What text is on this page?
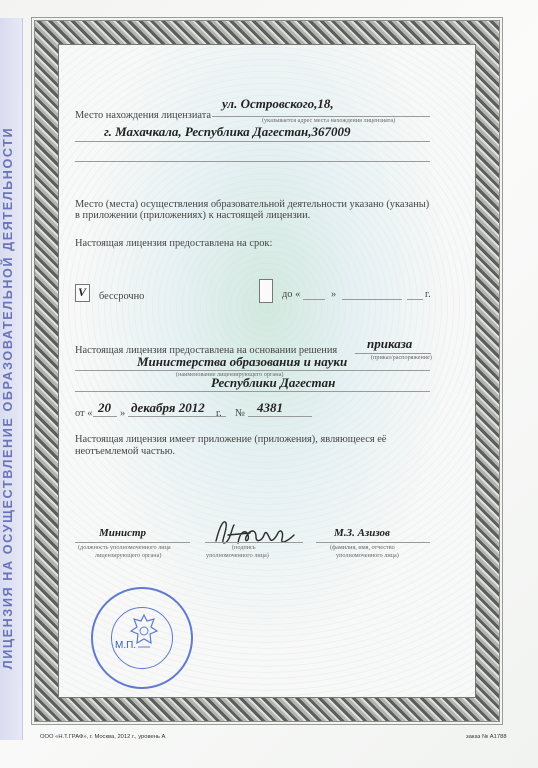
ЛИЦЕНЗИЯ НА ОСУЩЕСТВЛЕНИЕ ОБРАЗОВАТЕЛЬНОЙ ДЕЯТЕЛЬНОСТИ
Место нахождения лицензиата
ул. Островского,18,
(указывается адрес места нахождения лицензиата)
г. Махачкала, Республика Дагестан,367009
Место (места) осуществления образовательной деятельности указано (указаны)
в приложении (приложениях) к настоящей лицензии.
Настоящая лицензия предоставлена на срок:
V бессрочно	до «	»	г.
Настоящая лицензия предоставлена на основании решения приказа
(приказ/распоряжение)
Министерства образования и науки
(наименование лицензирующего органа)
Республики Дагестан
от « 20 » декабря 2012 г. № 4381
Настоящая лицензия имеет приложение (приложения), являющееся её
неотъемлемой частью.
Министр
(должность уполномоченного лица
лицензирующего органа)
(подпись
уполномоченного лица)
М.З. Азизов
(фамилия, имя, отчество
уполномоченного лица)
М.П.
ООО «Н.Т.ГРАФ», г. Москва, 2012 г., уровень А	заказ № А1788
